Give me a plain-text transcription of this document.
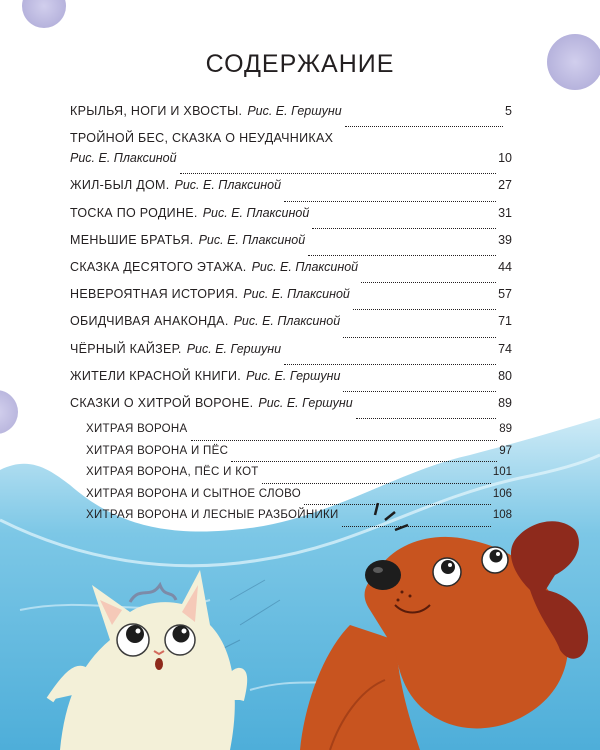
СОДЕРЖАНИЕ
КРЫЛЬЯ, НОГИ И ХВОСТЫ. Рис. Е. Гершуни	5
ТРОЙНОЙ БЕС, СКАЗКА О НЕУДАЧНИКАХ
Рис. Е. Плаксиной	10
ЖИЛ-БЫЛ ДОМ. Рис. Е. Плаксиной	27
ТОСКА ПО РОДИНЕ. Рис. Е. Плаксиной	31
МЕНЬШИЕ БРАТЬЯ. Рис. Е. Плаксиной	39
СКАЗКА ДЕСЯТОГО ЭТАЖА. Рис. Е. Плаксиной	44
НЕВЕРОЯТНАЯ ИСТОРИЯ. Рис. Е. Плаксиной	57
ОБИДЧИВАЯ АНАКОНДА. Рис. Е. Плаксиной	71
ЧЁРНЫЙ КАЙЗЕР. Рис. Е. Гершуни	74
ЖИТЕЛИ КРАСНОЙ КНИГИ. Рис. Е. Гершуни	80
СКАЗКИ О ХИТРОЙ ВОРОНЕ. Рис. Е. Гершуни	89
ХИТРАЯ ВОРОНА	89
ХИТРАЯ ВОРОНА И ПЁС	97
ХИТРАЯ ВОРОНА, ПЁС И КОТ	101
ХИТРАЯ ВОРОНА И СЫТНОЕ СЛОВО	106
ХИТРАЯ ВОРОНА И ЛЕСНЫЕ РАЗБОЙНИКИ	108
